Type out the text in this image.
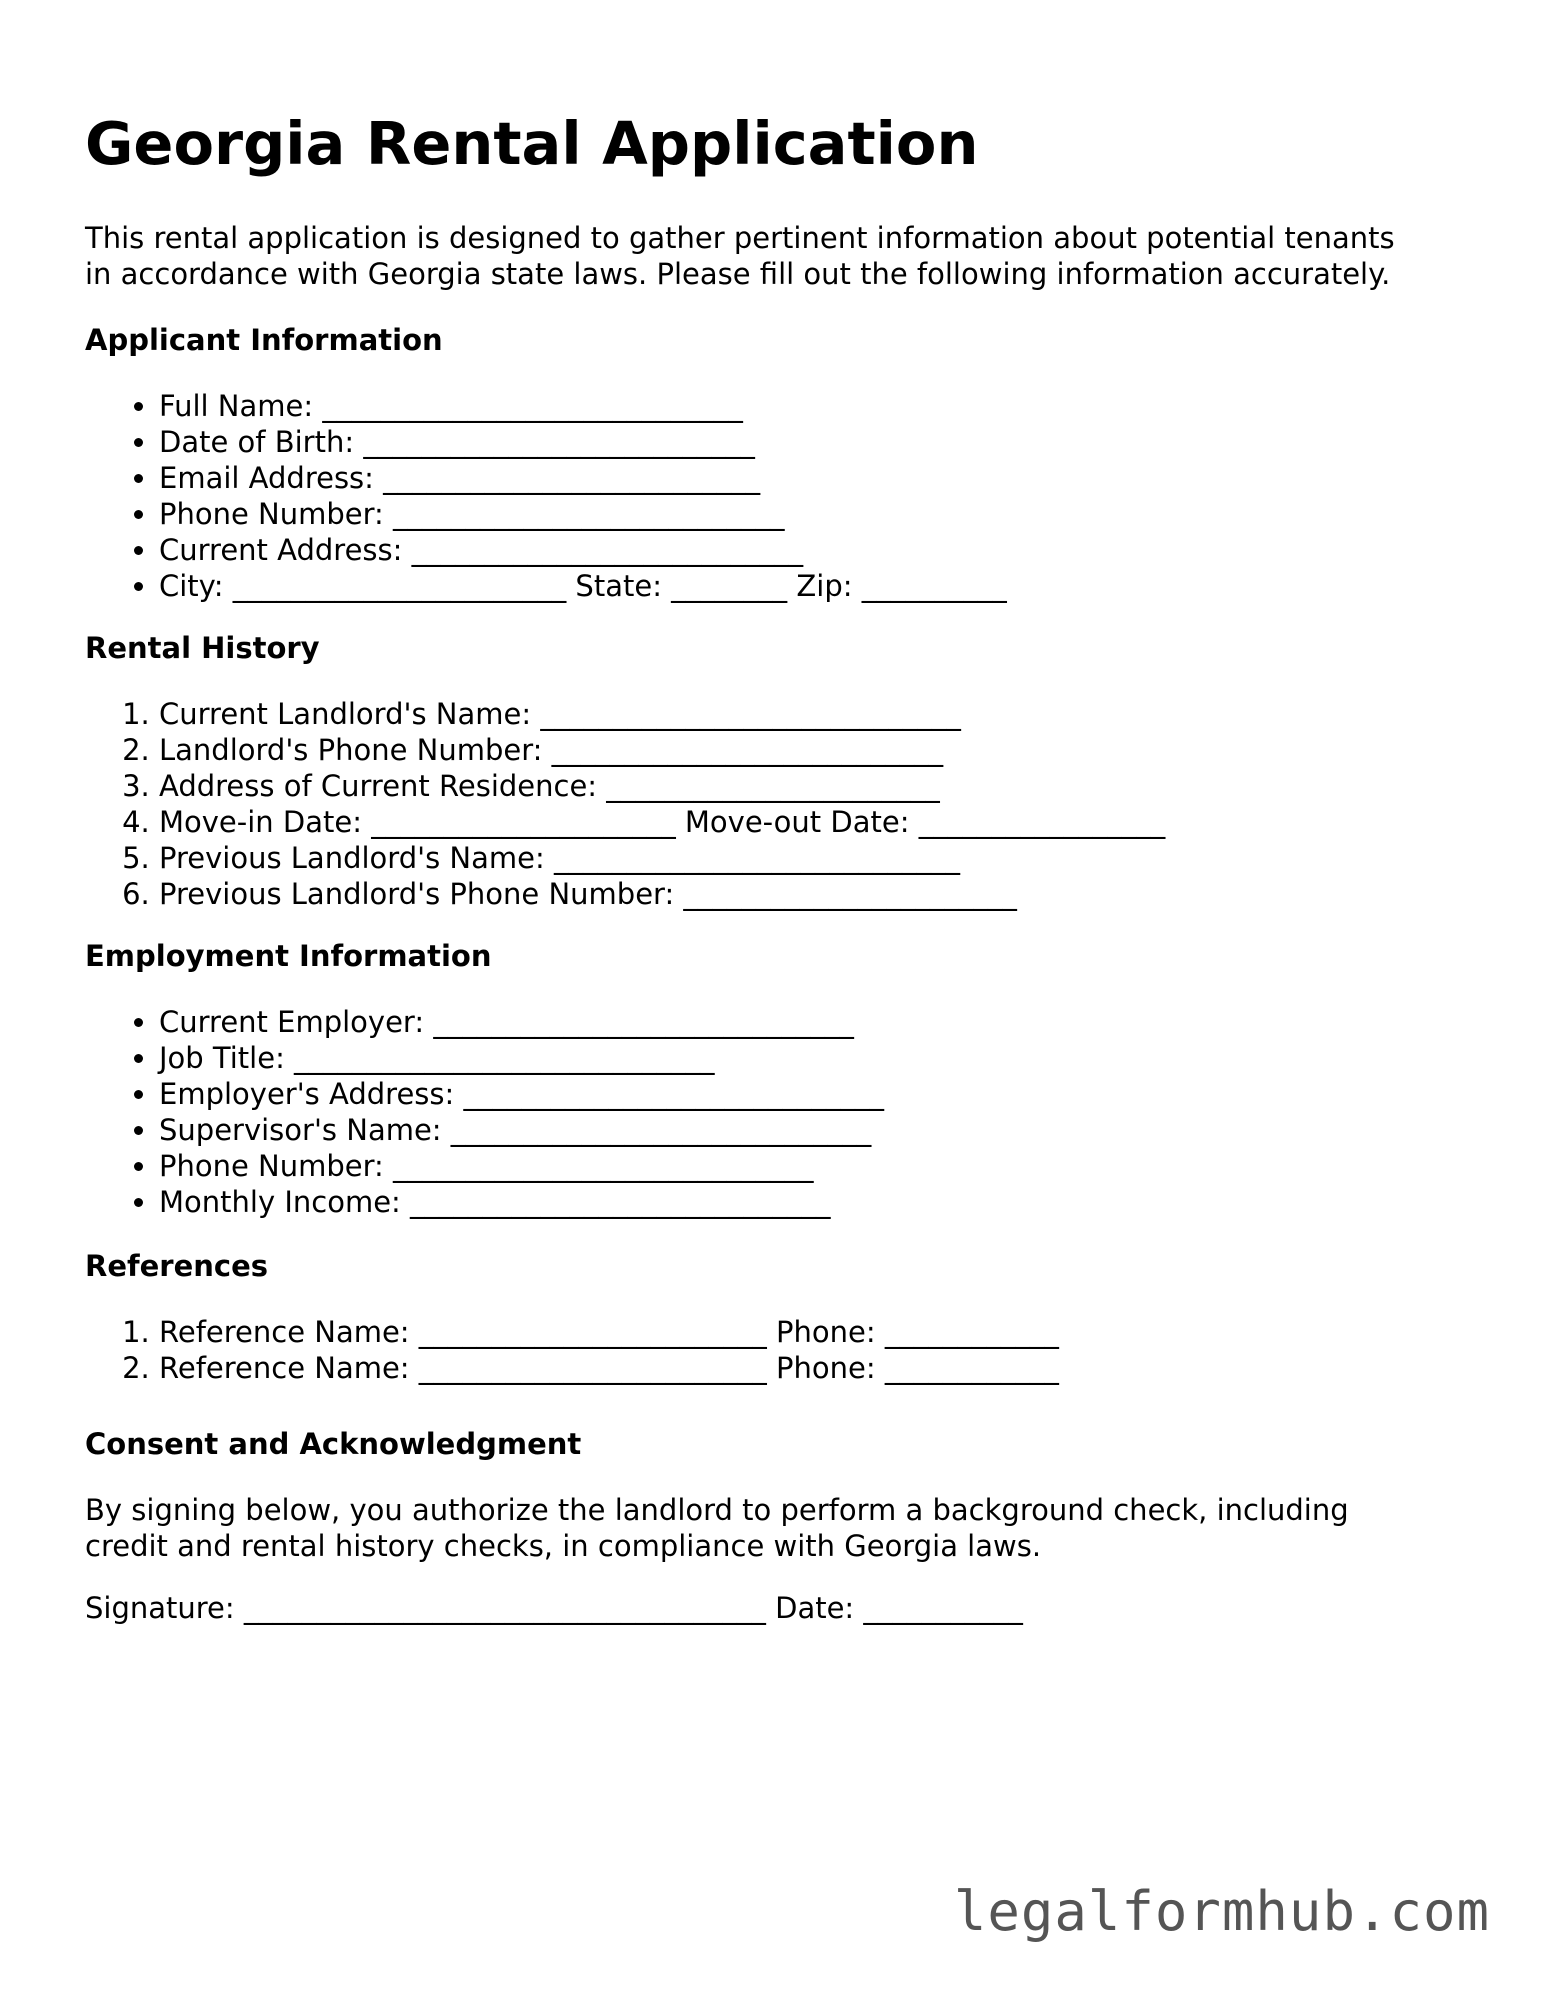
Georgia Rental Application

This rental application is designed to gather pertinent information about potential tenants
in accordance with Georgia state laws. Please fill out the following information accurately.

Applicant Information
• Full Name: _____________________________
• Date of Birth: ___________________________
• Email Address: __________________________
• Phone Number: ___________________________
• Current Address: ___________________________
• City: _______________________ State: ________ Zip: __________
Rental History
1. Current Landlord's Name: _____________________________
2. Landlord's Phone Number: ___________________________
3. Address of Current Residence: _______________________
4. Move-in Date: _____________________ Move-out Date: _________________
5. Previous Landlord's Name: ____________________________
6. Previous Landlord's Phone Number: _______________________
Employment Information
• Current Employer: _____________________________
• Job Title: _____________________________
• Employer's Address: _____________________________
• Supervisor's Name: _____________________________
• Phone Number: _____________________________
• Monthly Income: _____________________________
References
1. Reference Name: ________________________ Phone: ____________
2. Reference Name: ________________________ Phone: ____________
Consent and Acknowledgment

By signing below, you authorize the landlord to perform a background check, including
credit and rental history checks, in compliance with Georgia laws.

Signature: ____________________________________ Date: ___________

legalformhub.com
